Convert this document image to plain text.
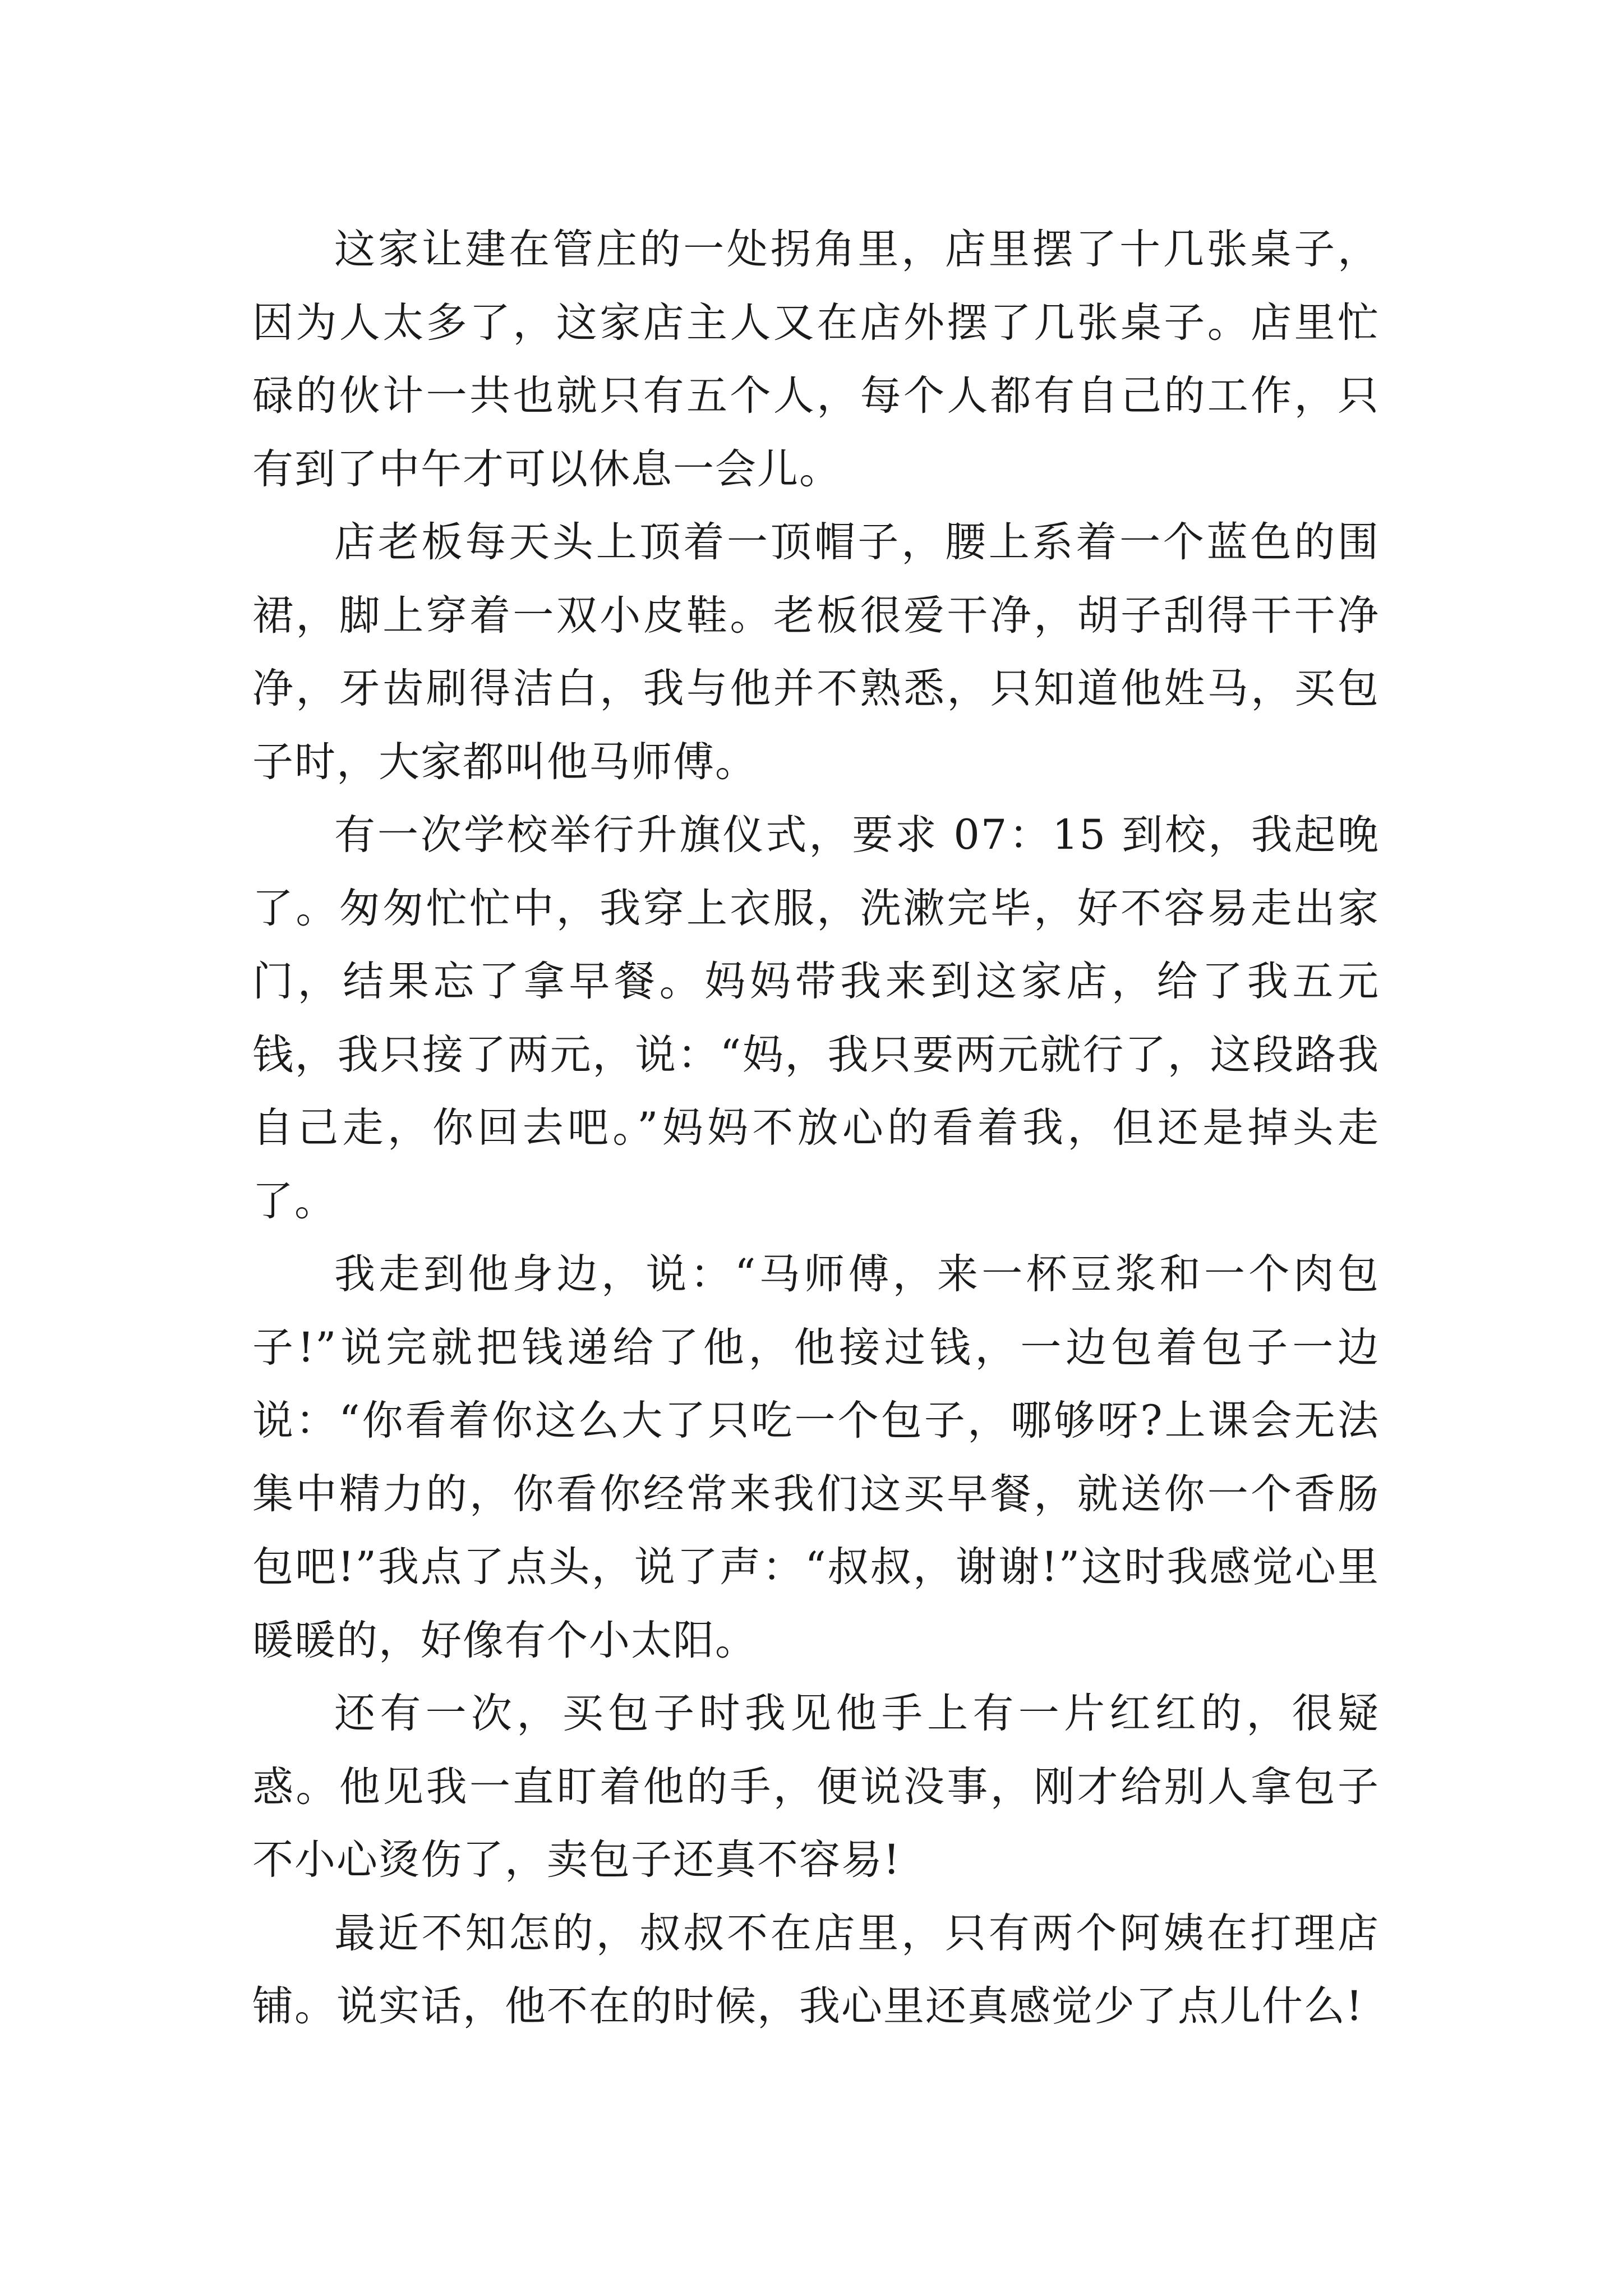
这家让建在管庄的一处拐角里，店里摆了十几张桌子，因为人太多了，这家店主人又在店外摆了几张桌子。店里忙碌的伙计一共也就只有五个人，每个人都有自己的工作，只有到了中午才可以休息一会儿。

店老板每天头上顶着一顶帽子，腰上系着一个蓝色的围裙，脚上穿着一双小皮鞋。老板很爱干净，胡子刮得干干净净，牙齿刷得洁白，我与他并不熟悉，只知道他姓马，买包子时，大家都叫他马师傅。

有一次学校举行升旗仪式，要求 07：15 到校，我起晚了。匆匆忙忙中，我穿上衣服，洗漱完毕，好不容易走出家门，结果忘了拿早餐。妈妈带我来到这家店，给了我五元钱，我只接了两元，说：“妈，我只要两元就行了，这段路我自己走，你回去吧。”妈妈不放心的看着我，但还是掉头走了。

我走到他身边，说：“马师傅，来一杯豆浆和一个肉包子!”说完就把钱递给了他，他接过钱，一边包着包子一边说：“你看着你这么大了只吃一个包子，哪够呀?上课会无法集中精力的，你看你经常来我们这买早餐，就送你一个香肠包吧!”我点了点头，说了声：“叔叔，谢谢!”这时我感觉心里暖暖的，好像有个小太阳。

还有一次，买包子时我见他手上有一片红红的，很疑惑。他见我一直盯着他的手，便说没事，刚才给别人拿包子不小心烫伤了，卖包子还真不容易!

最近不知怎的，叔叔不在店里，只有两个阿姨在打理店铺。说实话，他不在的时候，我心里还真感觉少了点儿什么!
